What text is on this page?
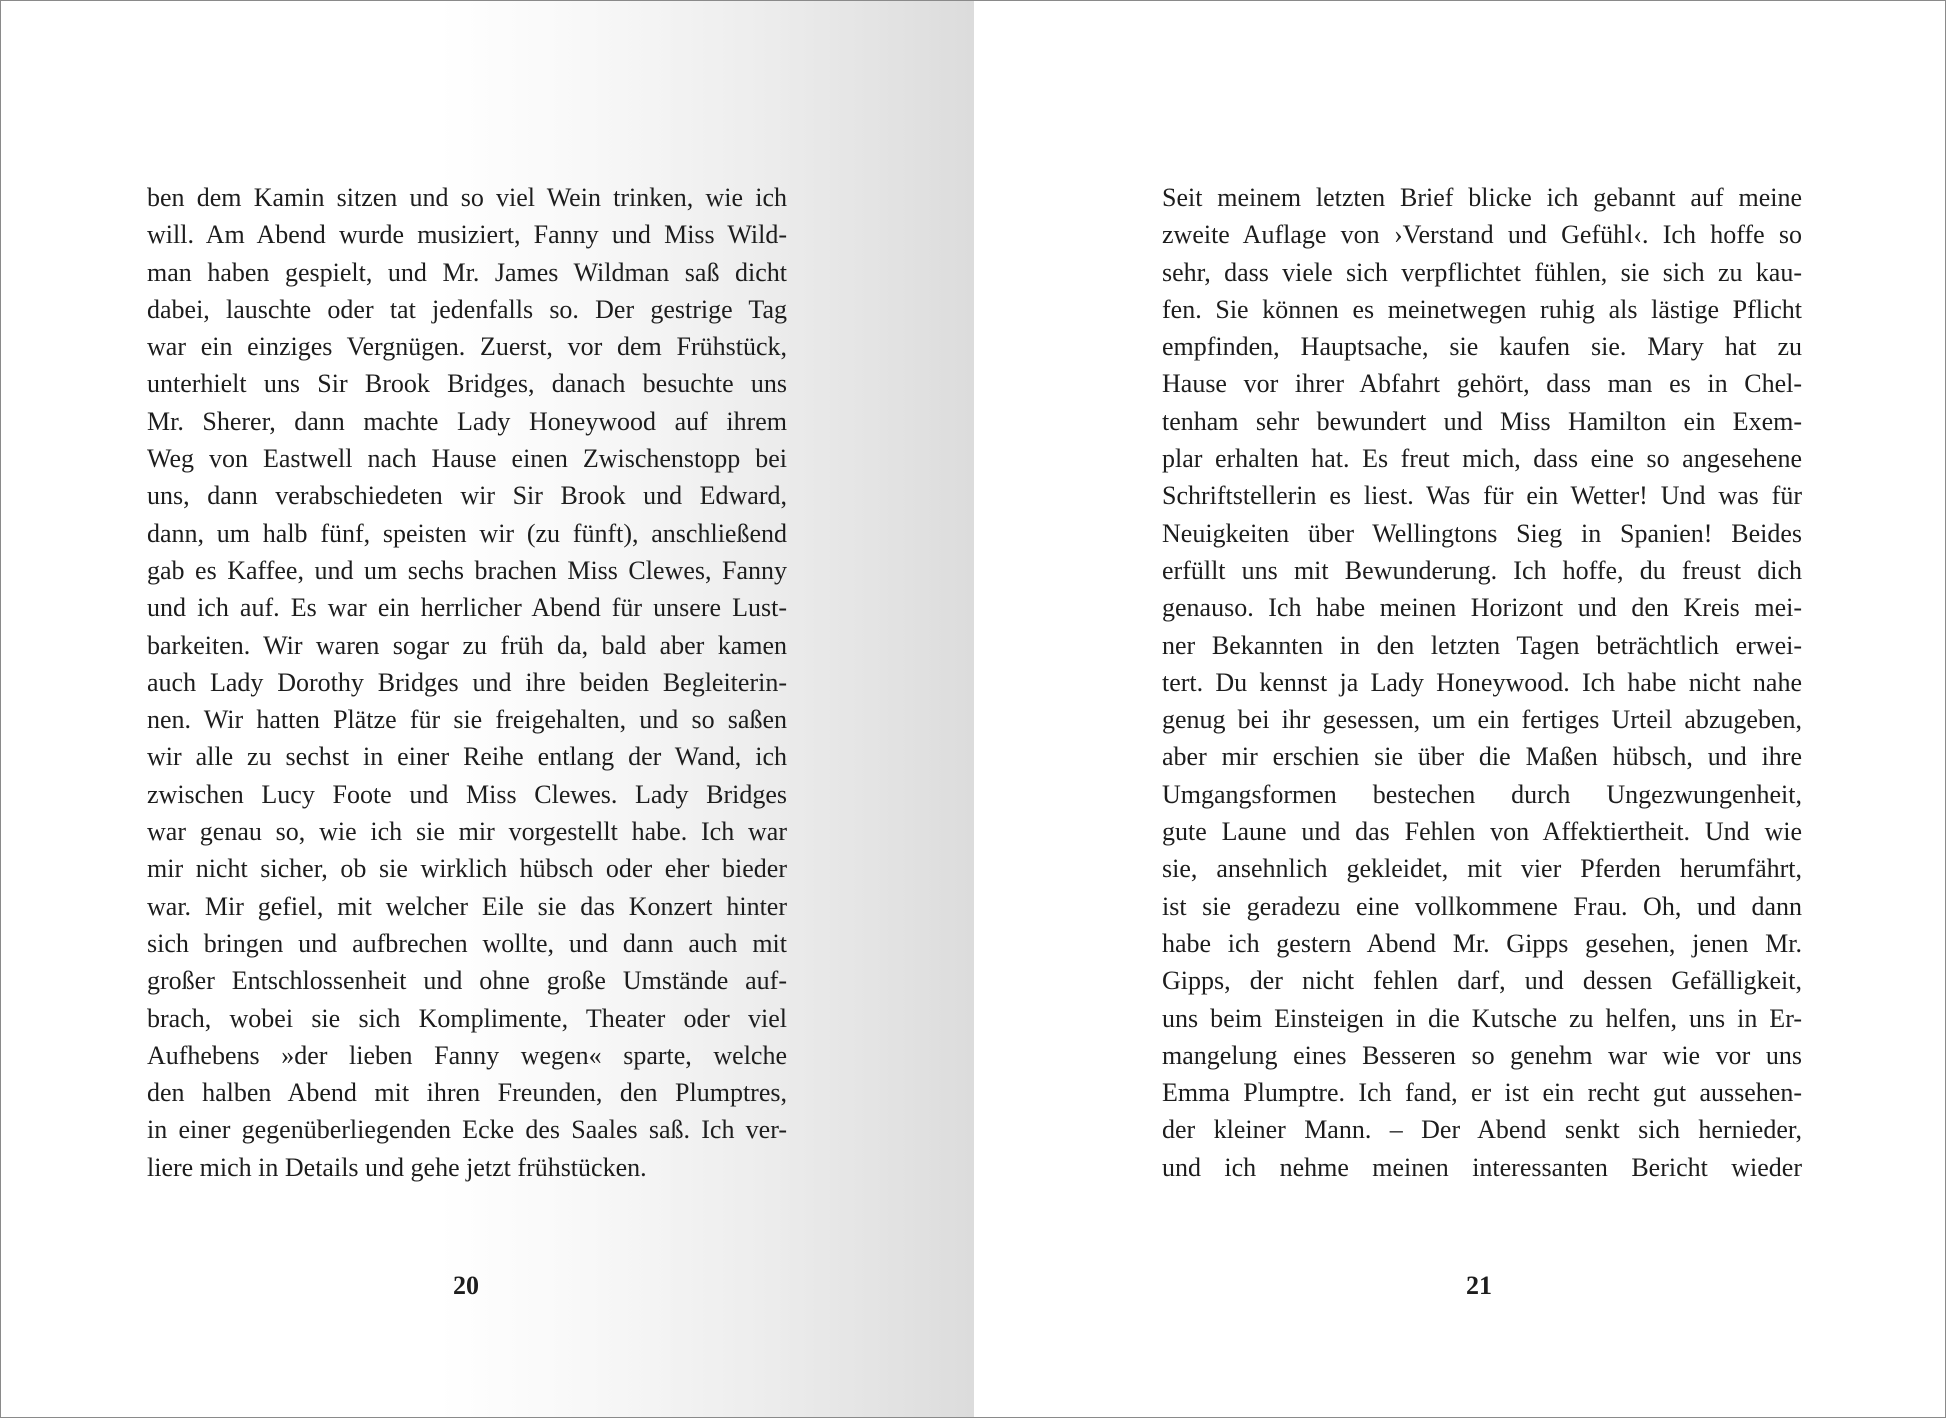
ben dem Kamin sitzen und so viel Wein trinken, wie ich
will. Am Abend wurde musiziert, Fanny und Miss Wild-
man haben gespielt, und Mr. James Wildman saß dicht
dabei, lauschte oder tat jedenfalls so. Der gestrige Tag
war ein einziges Vergnügen. Zuerst, vor dem Frühstück,
unterhielt uns Sir Brook Bridges, danach besuchte uns
Mr. Sherer, dann machte Lady Honeywood auf ihrem
Weg von Eastwell nach Hause einen Zwischenstopp bei
uns, dann verabschiedeten wir Sir Brook und Edward,
dann, um halb fünf, speisten wir (zu fünft), anschließend
gab es Kaffee, und um sechs brachen Miss Clewes, Fanny
und ich auf. Es war ein herrlicher Abend für unsere Lust-
barkeiten. Wir waren sogar zu früh da, bald aber kamen
auch Lady Dorothy Bridges und ihre beiden Begleiterin-
nen. Wir hatten Plätze für sie freigehalten, und so saßen
wir alle zu sechst in einer Reihe entlang der Wand, ich
zwischen Lucy Foote und Miss Clewes. Lady Bridges
war genau so, wie ich sie mir vorgestellt habe. Ich war
mir nicht sicher, ob sie wirklich hübsch oder eher bieder
war. Mir gefiel, mit welcher Eile sie das Konzert hinter
sich bringen und aufbrechen wollte, und dann auch mit
großer Entschlossenheit und ohne große Umstände auf-
brach, wobei sie sich Komplimente, Theater oder viel
Aufhebens »der lieben Fanny wegen« sparte, welche
den halben Abend mit ihren Freunden, den Plumptres,
in einer gegenüberliegenden Ecke des Saales saß. Ich ver-
liere mich in Details und gehe jetzt frühstücken.
20
Seit meinem letzten Brief blicke ich gebannt auf meine
zweite Auflage von ›Verstand und Gefühl‹. Ich hoffe so
sehr, dass viele sich verpflichtet fühlen, sie sich zu kau-
fen. Sie können es meinetwegen ruhig als lästige Pflicht
empfinden, Hauptsache, sie kaufen sie. Mary hat zu
Hause vor ihrer Abfahrt gehört, dass man es in Chel-
tenham sehr bewundert und Miss Hamilton ein Exem-
plar erhalten hat. Es freut mich, dass eine so angesehene
Schriftstellerin es liest. Was für ein Wetter! Und was für
Neuigkeiten über Wellingtons Sieg in Spanien! Beides
erfüllt uns mit Bewunderung. Ich hoffe, du freust dich
genauso. Ich habe meinen Horizont und den Kreis mei-
ner Bekannten in den letzten Tagen beträchtlich erwei-
tert. Du kennst ja Lady Honeywood. Ich habe nicht nahe
genug bei ihr gesessen, um ein fertiges Urteil abzugeben,
aber mir erschien sie über die Maßen hübsch, und ihre
Umgangsformen bestechen durch Ungezwungenheit,
gute Laune und das Fehlen von Affektiertheit. Und wie
sie, ansehnlich gekleidet, mit vier Pferden herumfährt,
ist sie geradezu eine vollkommene Frau. Oh, und dann
habe ich gestern Abend Mr. Gipps gesehen, jenen Mr.
Gipps, der nicht fehlen darf, und dessen Gefälligkeit,
uns beim Einsteigen in die Kutsche zu helfen, uns in Er-
mangelung eines Besseren so genehm war wie vor uns
Emma Plumptre. Ich fand, er ist ein recht gut aussehen-
der kleiner Mann. – Der Abend senkt sich hernieder,
und ich nehme meinen interessanten Bericht wieder
21
